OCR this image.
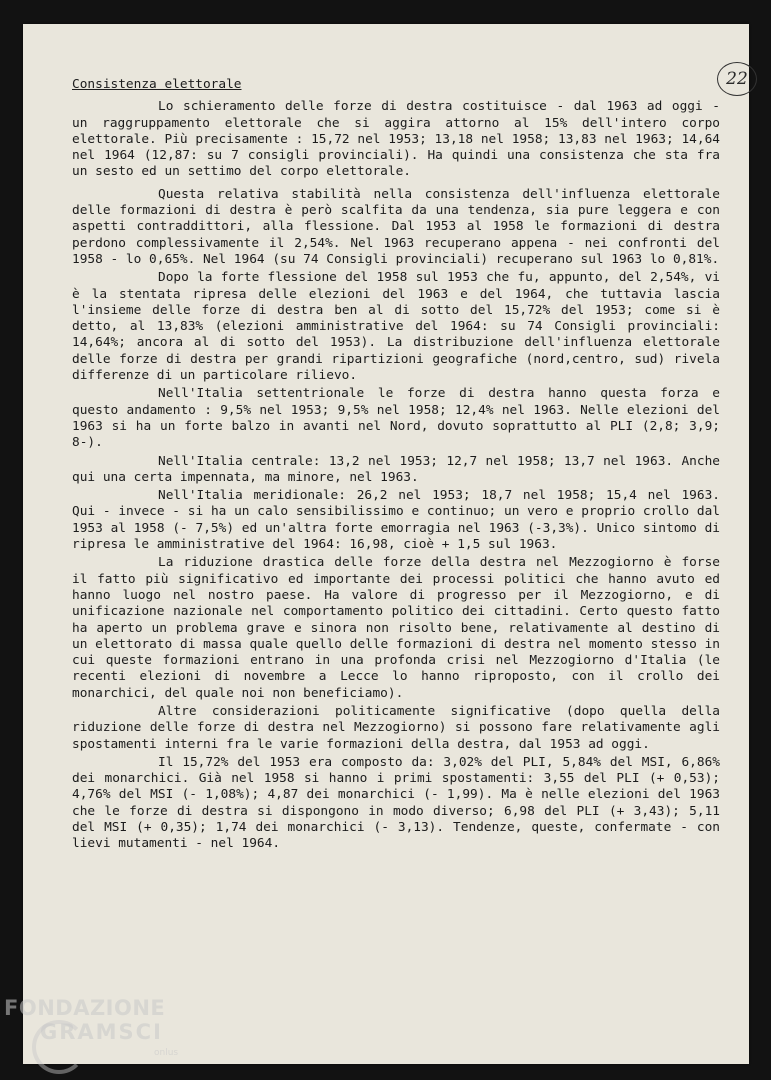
22
Consistenza elettorale

Lo schieramento delle forze di destra costituisce - dal 1963 ad oggi - un raggruppamento elettorale che si aggira attorno al 15% dell'intero corpo elettorale. Più precisamente : 15,72 nel 1953; 13,18 nel 1958; 13,83 nel 1963; 14,64 nel 1964 (12,87: su 7 consigli provinciali). Ha quindi una consistenza che sta fra un sesto ed un settimo del corpo elettorale.

Questa relativa stabilità nella consistenza dell'influenza elettorale delle formazioni di destra è però scalfita da una tendenza, sia pure leggera e con aspetti contraddittori, alla flessione. Dal 1953 al 1958 le formazioni di destra perdono complessivamente il 2,54%. Nel 1963 recuperano appena - nei confronti del 1958 - lo 0,65%. Nel 1964 (su 74 Consigli provinciali) recuperano sul 1963 lo 0,81%.

Dopo la forte flessione del 1958 sul 1953 che fu, appunto, del 2,54%, vi è la stentata ripresa delle elezioni del 1963 e del 1964, che tuttavia lascia l'insieme delle forze di destra ben al di sotto del 15,72% del 1953; come si è detto, al 13,83% (elezioni amministrative del 1964: su 74 Consigli provinciali: 14,64%; ancora al di sotto del 1953). La distribuzione dell'influenza elettorale delle forze di destra per grandi ripartizioni geografiche (nord,centro, sud) rivela differenze di un particolare rilievo.

Nell'Italia settentrionale le forze di destra hanno questa forza e questo andamento : 9,5% nel 1953; 9,5% nel 1958; 12,4% nel 1963. Nelle elezioni del 1963 si ha un forte balzo in avanti nel Nord, dovuto soprattutto al PLI (2,8; 3,9; 8-).

Nell'Italia centrale: 13,2 nel 1953; 12,7 nel 1958; 13,7 nel 1963. Anche qui una certa impennata, ma minore, nel 1963.

Nell'Italia meridionale: 26,2 nel 1953; 18,7 nel 1958; 15,4 nel 1963. Qui - invece - si ha un calo sensibilissimo e continuo; un vero e proprio crollo dal 1953 al 1958 (- 7,5%) ed un'altra forte emorragia nel 1963 (-3,3%). Unico sintomo di ripresa le amministrative del 1964: 16,98, cioè + 1,5 sul 1963.

La riduzione drastica delle forze della destra nel Mezzogiorno è forse il fatto più significativo ed importante dei processi politici che hanno avuto ed hanno luogo nel nostro paese. Ha valore di progresso per il Mezzogiorno, e di unificazione nazionale nel comportamento politico dei cittadini. Certo questo fatto ha aperto un problema grave e sinora non risolto bene, relativamente al destino di un elettorato di massa quale quello delle formazioni di destra nel momento stesso in cui queste formazioni entrano in una profonda crisi nel Mezzogiorno d'Italia (le recenti elezioni di novembre a Lecce lo hanno riproposto, con il crollo dei monarchici, del quale noi non beneficiamo).

Altre considerazioni politicamente significative (dopo quella della riduzione delle forze di destra nel Mezzogiorno) si possono fare relativamente agli spostamenti interni fra le varie formazioni della destra, dal 1953 ad oggi.

Il 15,72% del 1953 era composto da: 3,02% del PLI, 5,84% del MSI, 6,86% dei monarchici. Già nel 1958 si hanno i primi spostamenti: 3,55 del PLI (+ 0,53); 4,76% del MSI (- 1,08%); 4,87 dei monarchici (- 1,99). Ma è nelle elezioni del 1963 che le forze di destra si dispongono in modo diverso; 6,98 del PLI (+ 3,43); 5,11 del MSI (+ 0,35); 1,74 dei monarchici (- 3,13). Tendenze, queste, confermate - con lievi mutamenti - nel 1964.

FONDAZIONE
GRAMSCI
onlus
